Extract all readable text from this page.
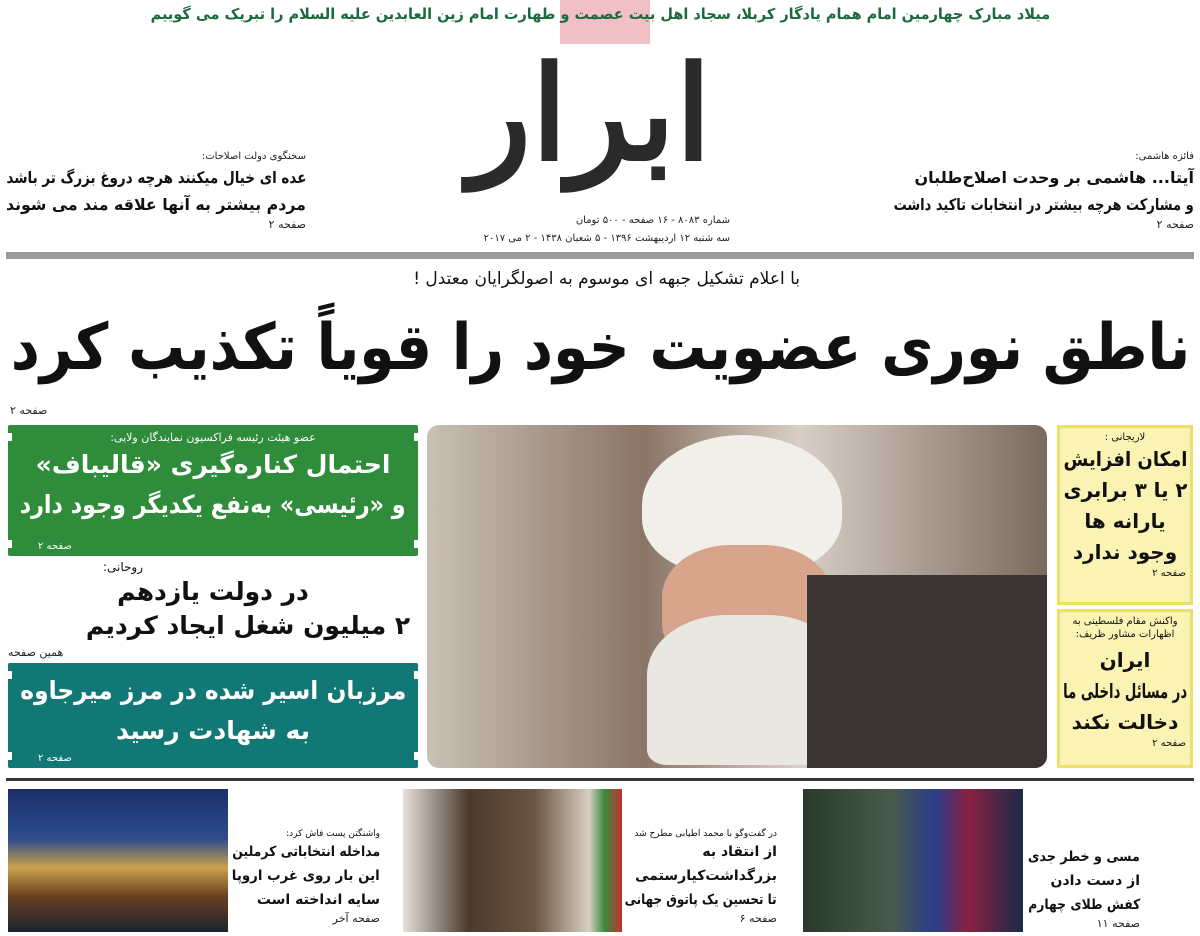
میلاد مبارک چهارمین امام همام یادگار کربلا، سجاد اهل بیت عصمت و طهارت امام زین العابدین علیه السلام را تبریک می گوییم
ابرار
شماره ۸۰۸۳ - ۱۶ صفحه - ۵۰۰ تومان
سه شنبه ۱۲ اردیبهشت ۱۳۹۶ - ۵ شعبان ۱۴۳۸ - ۲ می ۲۰۱۷
سخنگوی دولت اصلاحات:
عده ای خیال میکنند هرچه دروغ بزرگ تر باشد
مردم بیشتر به آنها علاقه مند می شوند
صفحه ۲
فائزه هاشمی:
آیتا... هاشمی بر وحدت اصلاح‌طلبان
و مشارکت هرچه بیشتر در انتخابات تاکید داشت
صفحه ۲
با اعلام تشکیل جبهه ای موسوم به اصولگرایان معتدل !
ناطق نوری عضویت خود را قویاً تکذیب کرد
صفحه ۲
عضو هیئت رئیسه فراکسیون نمایندگان ولایی:
احتمال کناره‌گیری «قالیباف»
و «رئیسی» به‌نفع یکدیگر وجود دارد
صفحه ۲
روحانی:
در دولت یازدهم
۲ میلیون شغل ایجاد کردیم
همین صفحه
مرزبان اسیر شده در مرز میرجاوه
به شهادت رسید
صفحه ۲
لاریجانی :
امکان افزایش
۲ یا ۳ برابری
یارانه ها
وجود ندارد
صفحه ۲
واکنش مقام فلسطینی به اظهارات مشاور ظریف:
ایران
در مسائل داخلی ما
دخالت نکند
صفحه ۲
واشنگتن پست فاش کرد:
مداخله انتخاباتی کرملین
این بار روی غرب اروپا
سایه انداخته است
صفحه آخر
در گفت‌وگو با محمد اطیابی مطرح شد
از انتقاد به
بزرگداشت‌کیارستمی
تا تحسین یک پاتوق جهانی
صفحه ۶
مسی و خطر جدی
از دست دادن
کفش طلای چهارم
صفحه ۱۱
